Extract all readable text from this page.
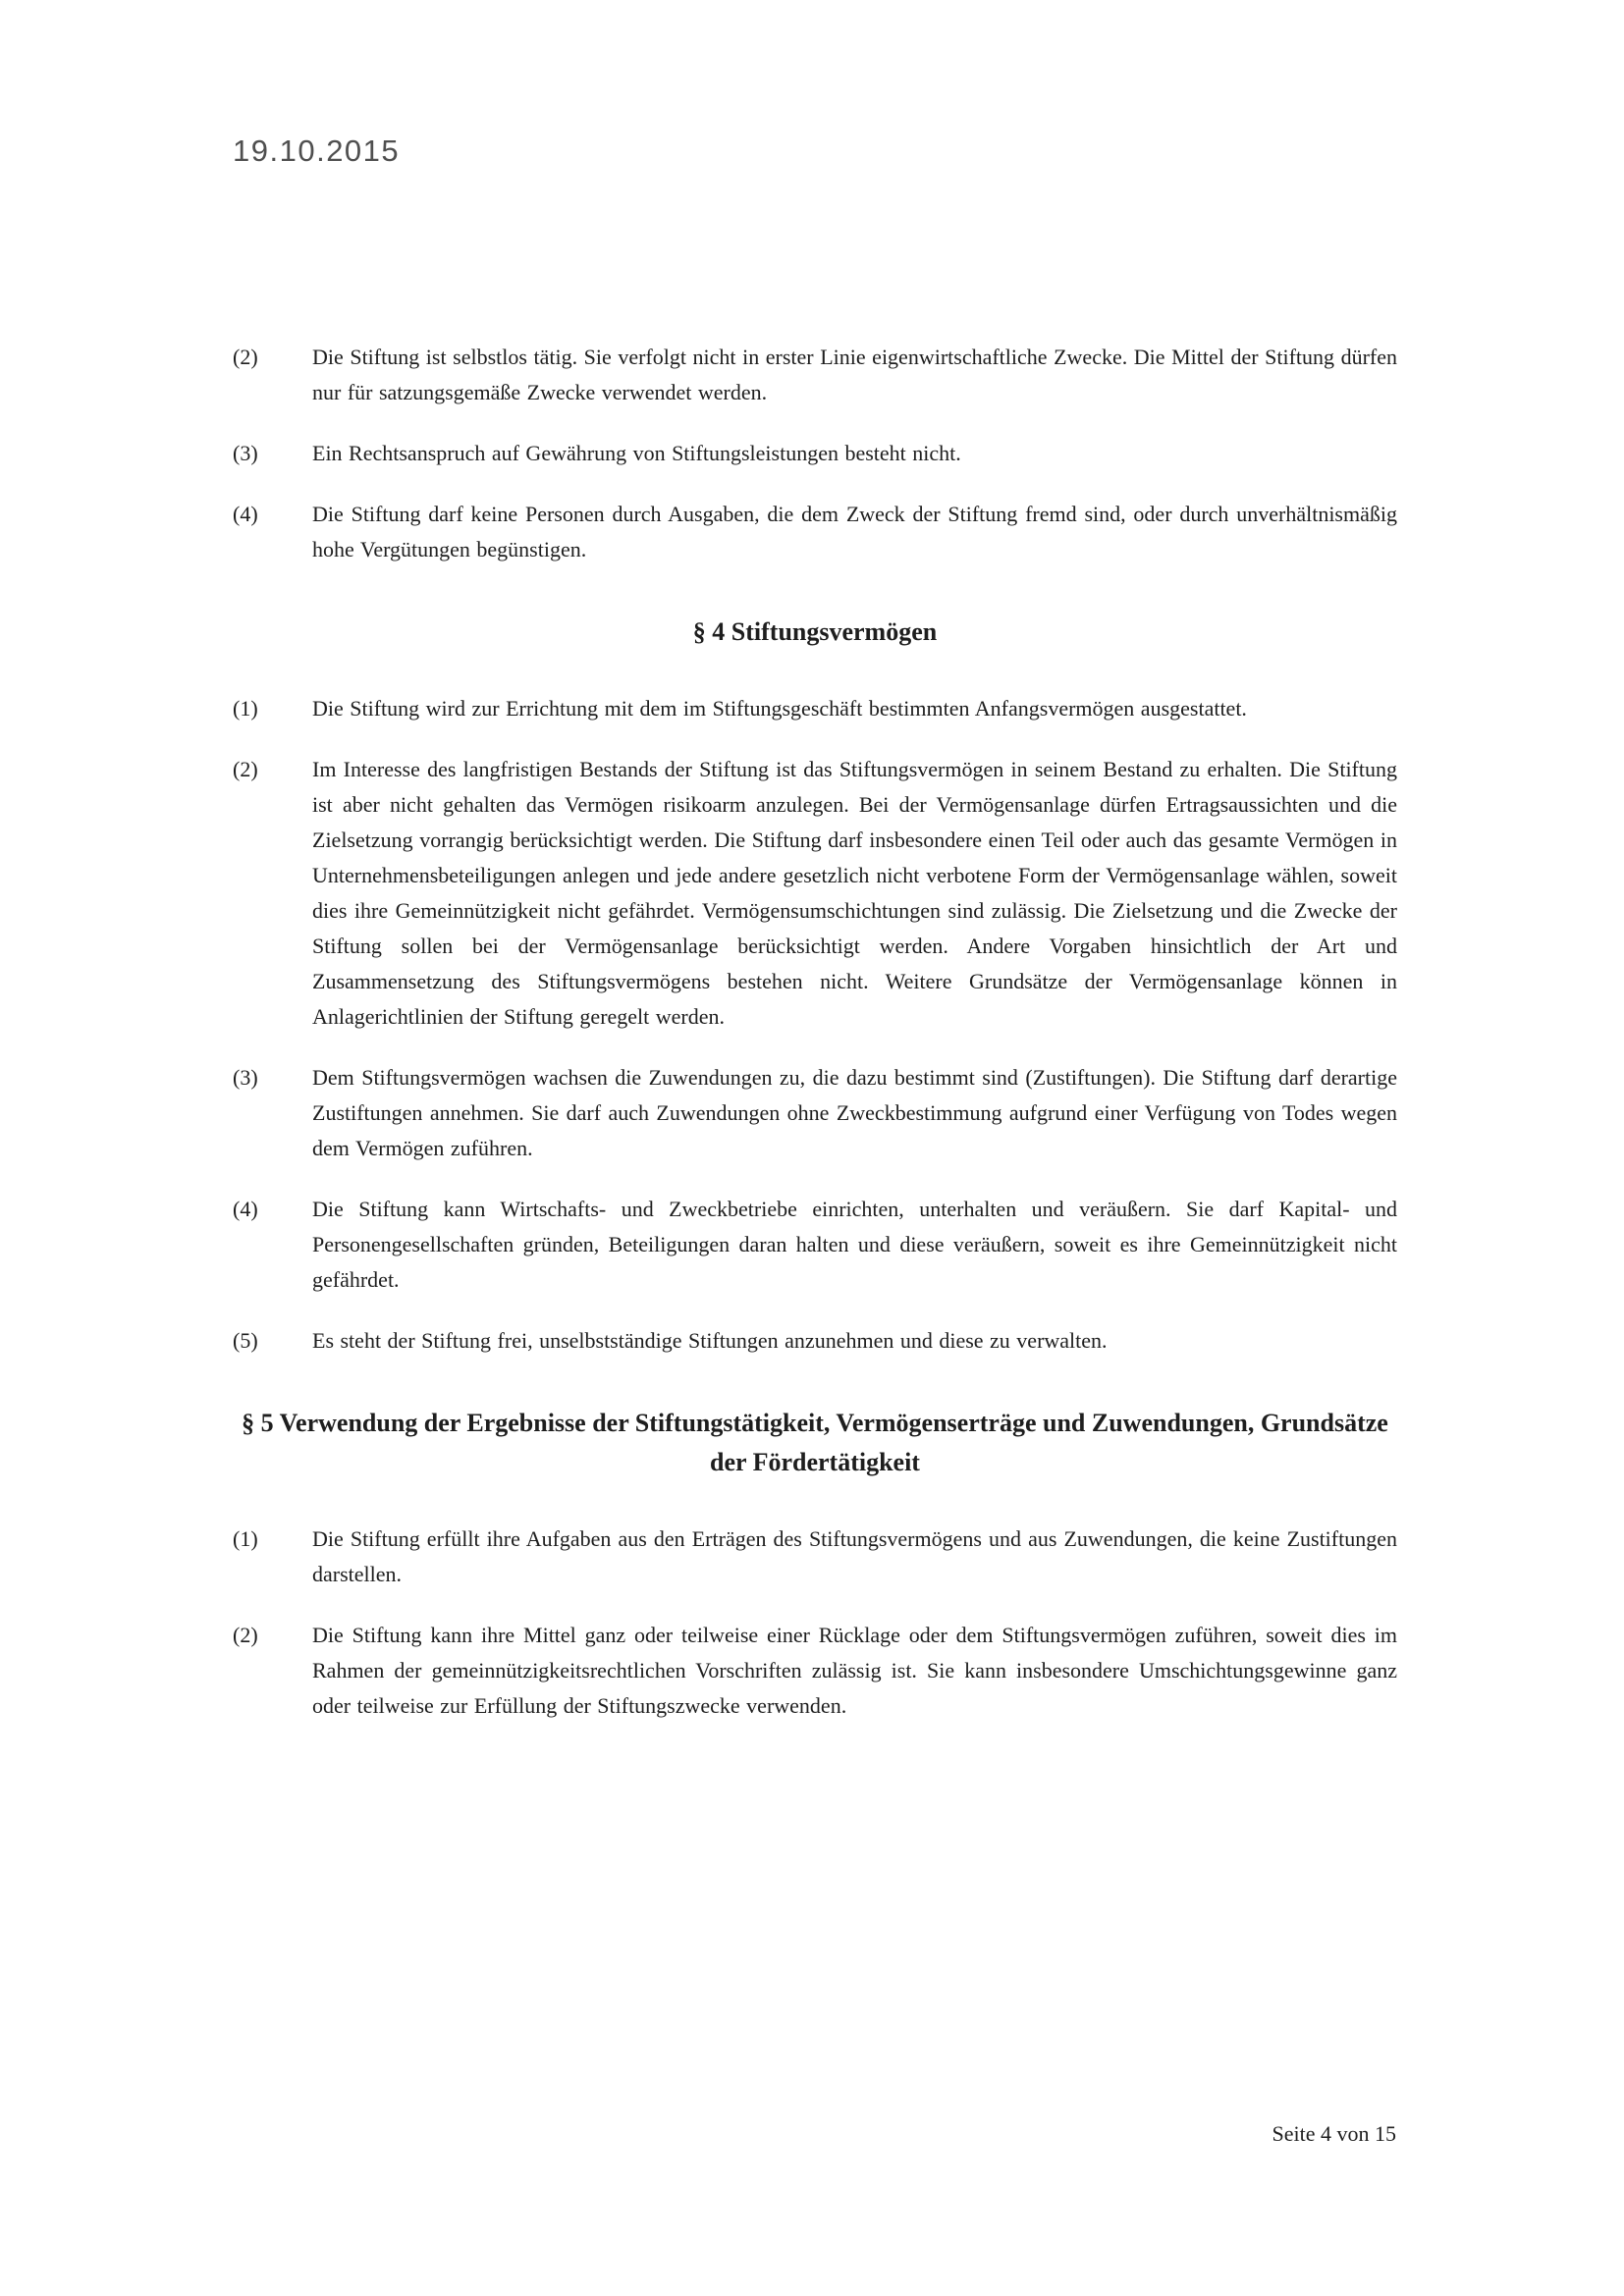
19.10.2015
(2)	Die Stiftung ist selbstlos tätig. Sie verfolgt nicht in erster Linie eigenwirtschaftliche Zwecke. Die Mittel der Stiftung dürfen nur für satzungsgemäße Zwecke verwendet werden.
(3)	Ein Rechtsanspruch auf Gewährung von Stiftungsleistungen besteht nicht.
(4)	Die Stiftung darf keine Personen durch Ausgaben, die dem Zweck der Stiftung fremd sind, oder durch unverhältnismäßig hohe Vergütungen begünstigen.
§ 4 Stiftungsvermögen
(1)	Die Stiftung wird zur Errichtung mit dem im Stiftungsgeschäft bestimmten Anfangsvermögen ausgestattet.
(2)	Im Interesse des langfristigen Bestands der Stiftung ist das Stiftungsvermögen in seinem Bestand zu erhalten. Die Stiftung ist aber nicht gehalten das Vermögen risikoarm anzulegen. Bei der Vermögensanlage dürfen Ertragsaussichten und die Zielsetzung vorrangig berücksichtigt werden. Die Stiftung darf insbesondere einen Teil oder auch das gesamte Vermögen in Unternehmensbeteiligungen anlegen und jede andere gesetzlich nicht verbotene Form der Vermögensanlage wählen, soweit dies ihre Gemeinnützigkeit nicht gefährdet. Vermögensumschichtungen sind zulässig. Die Zielsetzung und die Zwecke der Stiftung sollen bei der Vermögensanlage berücksichtigt werden. Andere Vorgaben hinsichtlich der Art und Zusammensetzung des Stiftungsvermögens bestehen nicht. Weitere Grundsätze der Vermögensanlage können in Anlagerichtlinien der Stiftung geregelt werden.
(3)	Dem Stiftungsvermögen wachsen die Zuwendungen zu, die dazu bestimmt sind (Zustiftungen). Die Stiftung darf derartige Zustiftungen annehmen. Sie darf auch Zuwendungen ohne Zweckbestimmung aufgrund einer Verfügung von Todes wegen dem Vermögen zuführen.
(4)	Die Stiftung kann Wirtschafts- und Zweckbetriebe einrichten, unterhalten und veräußern. Sie darf Kapital- und Personengesellschaften gründen, Beteiligungen daran halten und diese veräußern, soweit es ihre Gemeinnützigkeit nicht gefährdet.
(5)	Es steht der Stiftung frei, unselbstständige Stiftungen anzunehmen und diese zu verwalten.
§ 5 Verwendung der Ergebnisse der Stiftungstätigkeit, Vermögenserträge und Zuwendungen, Grundsätze der Fördertätigkeit
(1)	Die Stiftung erfüllt ihre Aufgaben aus den Erträgen des Stiftungsvermögens und aus Zuwendungen, die keine Zustiftungen darstellen.
(2)	Die Stiftung kann ihre Mittel ganz oder teilweise einer Rücklage oder dem Stiftungsvermögen zuführen, soweit dies im Rahmen der gemeinnützigkeitsrechtlichen Vorschriften zulässig ist. Sie kann insbesondere Umschichtungsgewinne ganz oder teilweise zur Erfüllung der Stiftungszwecke verwenden.
Seite 4 von 15
